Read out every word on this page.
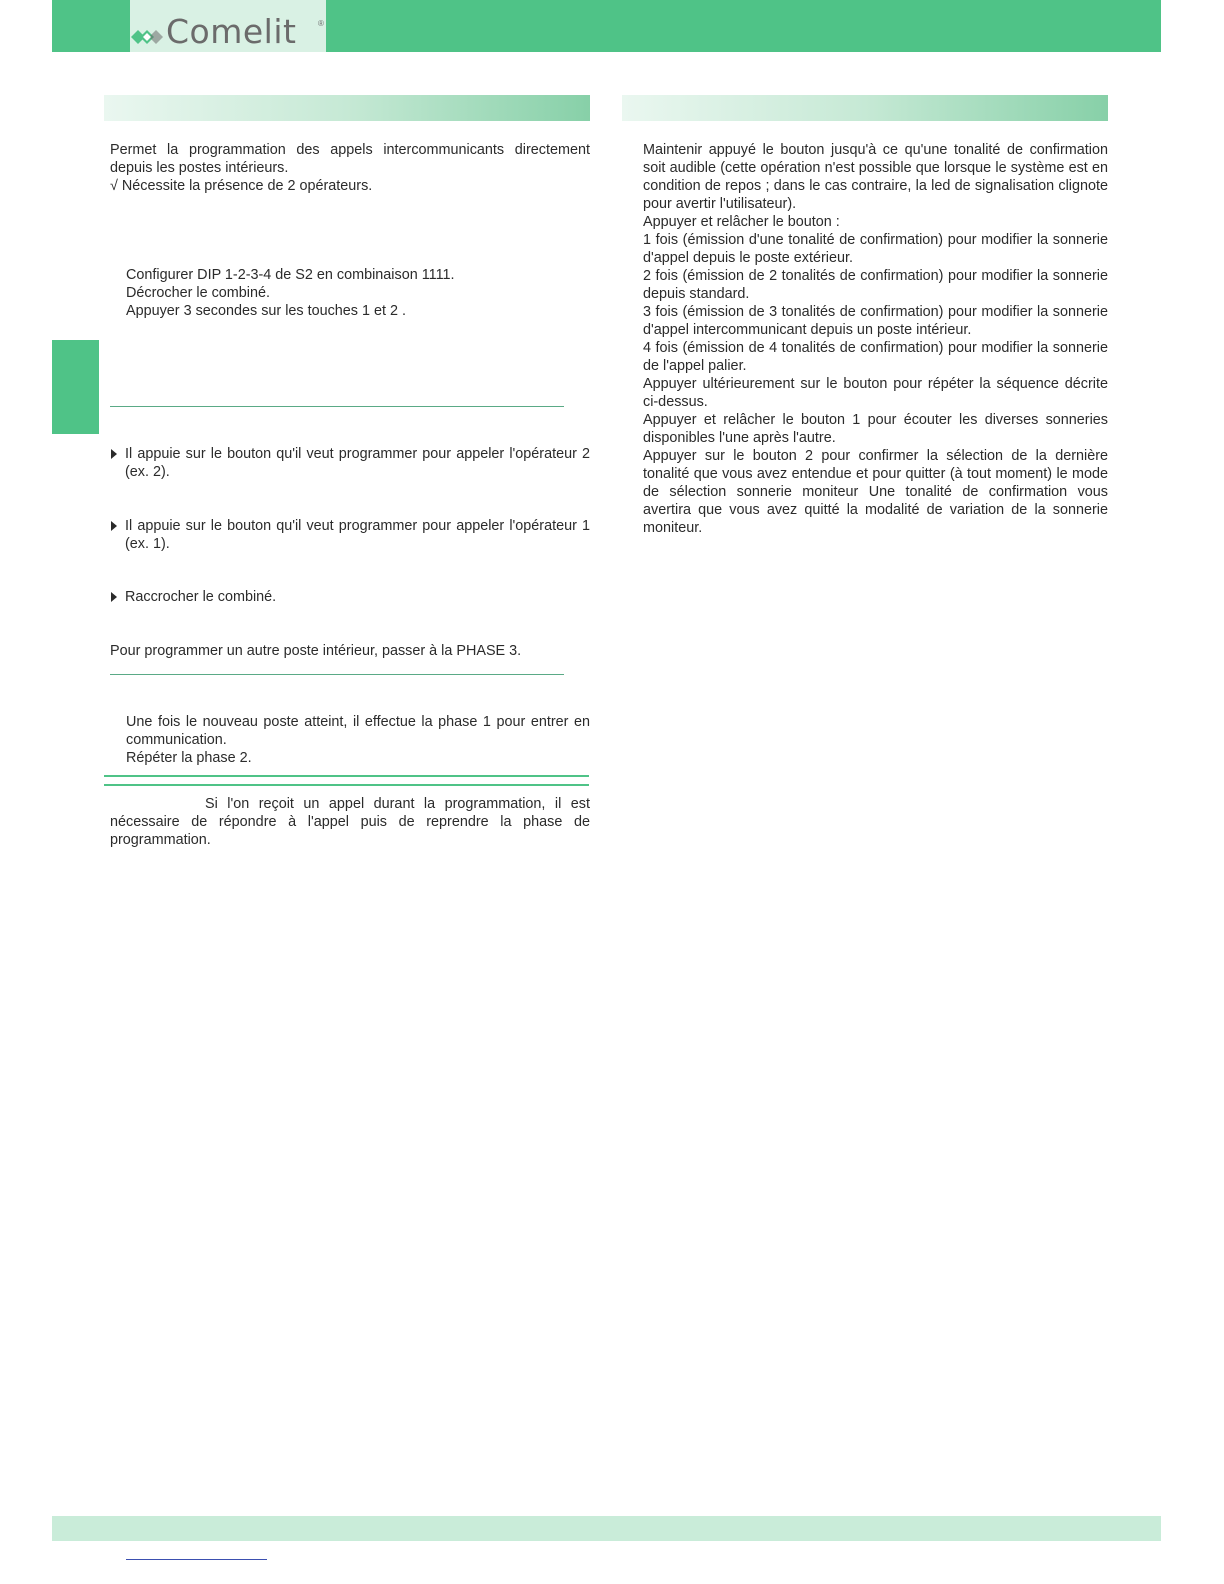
Comelit	®

Permet la programmation des appels intercommunicants directement depuis les postes intérieurs.

√ Nécessite la présence de 2 opérateurs.

Configurer DIP 1-2-3-4 de S2 en combinaison 1111.

Décrocher le combiné.

Appuyer 3 secondes sur les touches 1 et 2 .

Il appuie sur le bouton qu'il veut programmer pour appeler l'opérateur 2 (ex. 2).

Il appuie sur le bouton qu'il veut programmer pour appeler l'opérateur 1 (ex. 1).

Raccrocher le combiné.

Pour programmer un autre poste intérieur, passer à la PHASE 3.

Une fois le nouveau poste atteint, il effectue la phase 1 pour entrer en communication.

Répéter la phase 2.

Si l'on reçoit un appel durant la programmation, il est nécessaire de répondre à l'appel puis de reprendre la phase de programmation.

Maintenir appuyé le bouton jusqu'à ce qu'une tonalité de confirmation soit audible (cette opération n'est possible que lorsque le système est en condition de repos ; dans le cas contraire, la led de signalisation clignote pour avertir l'utilisateur).

Appuyer et relâcher le bouton :

1 fois (émission d'une tonalité de confirmation) pour modifier la sonnerie d'appel depuis le poste extérieur.

2 fois (émission de 2 tonalités de confirmation) pour modifier la sonnerie depuis standard.

3 fois (émission de 3 tonalités de confirmation) pour modifier la sonnerie d'appel intercommunicant depuis un poste intérieur.

4 fois (émission de 4 tonalités de confirmation) pour modifier la sonnerie de l'appel palier.

Appuyer ultérieurement sur le bouton pour répéter la séquence décrite ci-dessus.

Appuyer et relâcher le bouton 1 pour écouter les diverses sonneries disponibles l'une après l'autre.

Appuyer sur le bouton 2 pour confirmer la sélection de la dernière tonalité que vous avez entendue et pour quitter (à tout moment) le mode de sélection sonnerie moniteur Une tonalité de confirmation vous avertira que vous avez quitté la modalité de variation de la sonnerie moniteur.
